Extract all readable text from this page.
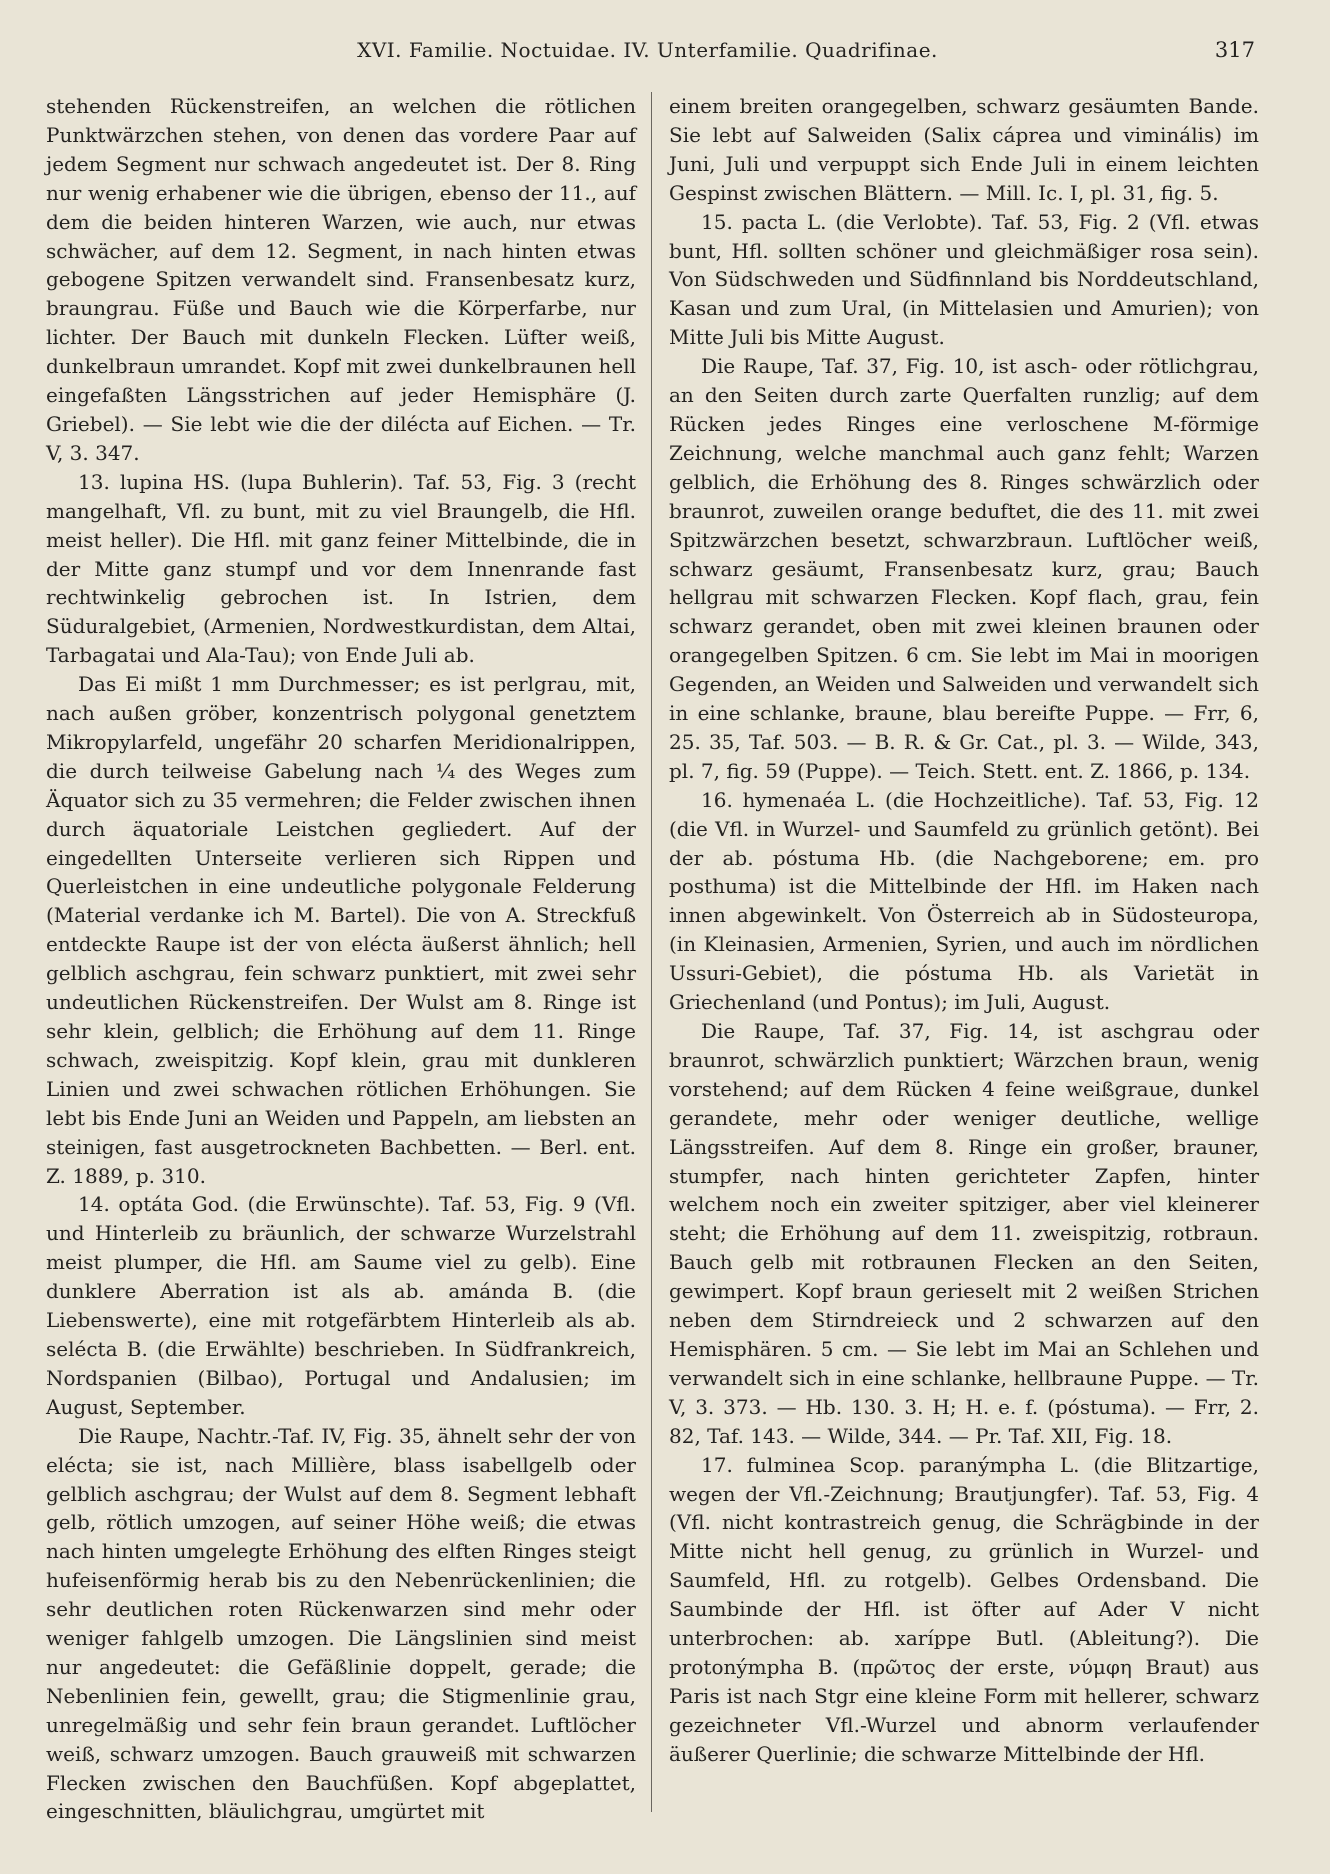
XVI. Familie. Noctuidae. IV. Unterfamilie. Quadrifinae.	317

stehenden Rückenstreifen, an welchen die rötlichen Punktwärzchen stehen, von denen das vordere Paar auf jedem Segment nur schwach angedeutet ist. Der 8. Ring nur wenig erhabener wie die übrigen, ebenso der 11., auf dem die beiden hinteren Warzen, wie auch, nur etwas schwächer, auf dem 12. Segment, in nach hinten etwas gebogene Spitzen verwandelt sind. Fransenbesatz kurz, braungrau. Füße und Bauch wie die Körperfarbe, nur lichter. Der Bauch mit dunkeln Flecken. Lüfter weiß, dunkelbraun umrandet. Kopf mit zwei dunkelbraunen hell eingefaßten Längsstrichen auf jeder Hemisphäre (J. Griebel). — Sie lebt wie die der dilécta auf Eichen. — Tr. V, 3. 347.

13. lupina HS. (lupa Buhlerin). Taf. 53, Fig. 3 (recht mangelhaft, Vfl. zu bunt, mit zu viel Braungelb, die Hfl. meist heller). Die Hfl. mit ganz feiner Mittelbinde, die in der Mitte ganz stumpf und vor dem Innenrande fast rechtwinkelig gebrochen ist. In Istrien, dem Süduralgebiet, (Armenien, Nordwestkurdistan, dem Altai, Tarbagatai und Ala-Tau); von Ende Juli ab.

Das Ei mißt 1 mm Durchmesser; es ist perlgrau, mit, nach außen gröber, konzentrisch polygonal genetztem Mikropylarfeld, ungefähr 20 scharfen Meridionalrippen, die durch teilweise Gabelung nach ¼ des Weges zum Äquator sich zu 35 vermehren; die Felder zwischen ihnen durch äquatoriale Leistchen gegliedert. Auf der eingedellten Unterseite verlieren sich Rippen und Querleistchen in eine undeutliche polygonale Felderung (Material verdanke ich M. Bartel). Die von A. Streckfuß entdeckte Raupe ist der von elécta äußerst ähnlich; hell gelblich aschgrau, fein schwarz punktiert, mit zwei sehr undeutlichen Rückenstreifen. Der Wulst am 8. Ringe ist sehr klein, gelblich; die Erhöhung auf dem 11. Ringe schwach, zweispitzig. Kopf klein, grau mit dunkleren Linien und zwei schwachen rötlichen Erhöhungen. Sie lebt bis Ende Juni an Weiden und Pappeln, am liebsten an steinigen, fast ausgetrockneten Bachbetten. — Berl. ent. Z. 1889, p. 310.

14. optáta God. (die Erwünschte). Taf. 53, Fig. 9 (Vfl. und Hinterleib zu bräunlich, der schwarze Wurzelstrahl meist plumper, die Hfl. am Saume viel zu gelb). Eine dunklere Aberration ist als ab. amánda B. (die Liebenswerte), eine mit rotgefärbtem Hinterleib als ab. selécta B. (die Erwählte) beschrieben. In Südfrankreich, Nordspanien (Bilbao), Portugal und Andalusien; im August, September.

Die Raupe, Nachtr.-Taf. IV, Fig. 35, ähnelt sehr der von elécta; sie ist, nach Millière, blass isabellgelb oder gelblich aschgrau; der Wulst auf dem 8. Segment lebhaft gelb, rötlich umzogen, auf seiner Höhe weiß; die etwas nach hinten umgelegte Erhöhung des elften Ringes steigt hufeisenförmig herab bis zu den Nebenrückenlinien; die sehr deutlichen roten Rückenwarzen sind mehr oder weniger fahlgelb umzogen. Die Längslinien sind meist nur angedeutet: die Gefäßlinie doppelt, gerade; die Nebenlinien fein, gewellt, grau; die Stigmenlinie grau, unregelmäßig und sehr fein braun gerandet. Luftlöcher weiß, schwarz umzogen. Bauch grauweiß mit schwarzen Flecken zwischen den Bauchfüßen. Kopf abgeplattet, eingeschnitten, bläulichgrau, umgürtet mit

einem breiten orangegelben, schwarz gesäumten Bande. Sie lebt auf Salweiden (Salix cáprea und viminális) im Juni, Juli und verpuppt sich Ende Juli in einem leichten Gespinst zwischen Blättern. — Mill. Ic. I, pl. 31, fig. 5.

15. pacta L. (die Verlobte). Taf. 53, Fig. 2 (Vfl. etwas bunt, Hfl. sollten schöner und gleichmäßiger rosa sein). Von Südschweden und Südfinnland bis Norddeutschland, Kasan und zum Ural, (in Mittelasien und Amurien); von Mitte Juli bis Mitte August.

Die Raupe, Taf. 37, Fig. 10, ist asch- oder rötlichgrau, an den Seiten durch zarte Querfalten runzlig; auf dem Rücken jedes Ringes eine verloschene M-förmige Zeichnung, welche manchmal auch ganz fehlt; Warzen gelblich, die Erhöhung des 8. Ringes schwärzlich oder braunrot, zuweilen orange beduftet, die des 11. mit zwei Spitzwärzchen besetzt, schwarzbraun. Luftlöcher weiß, schwarz gesäumt, Fransenbesatz kurz, grau; Bauch hellgrau mit schwarzen Flecken. Kopf flach, grau, fein schwarz gerandet, oben mit zwei kleinen braunen oder orangegelben Spitzen. 6 cm. Sie lebt im Mai in moorigen Gegenden, an Weiden und Salweiden und verwandelt sich in eine schlanke, braune, blau bereifte Puppe. — Frr, 6, 25. 35, Taf. 503. — B. R. & Gr. Cat., pl. 3. — Wilde, 343, pl. 7, fig. 59 (Puppe). — Teich. Stett. ent. Z. 1866, p. 134.

16. hymenaéa L. (die Hochzeitliche). Taf. 53, Fig. 12 (die Vfl. in Wurzel- und Saumfeld zu grünlich getönt). Bei der ab. póstuma Hb. (die Nachgeborene; em. pro posthuma) ist die Mittelbinde der Hfl. im Haken nach innen abgewinkelt. Von Österreich ab in Südosteuropa, (in Kleinasien, Armenien, Syrien, und auch im nördlichen Ussuri-Gebiet), die póstuma Hb. als Varietät in Griechenland (und Pontus); im Juli, August.

Die Raupe, Taf. 37, Fig. 14, ist aschgrau oder braunrot, schwärzlich punktiert; Wärzchen braun, wenig vorstehend; auf dem Rücken 4 feine weißgraue, dunkel gerandete, mehr oder weniger deutliche, wellige Längsstreifen. Auf dem 8. Ringe ein großer, brauner, stumpfer, nach hinten gerichteter Zapfen, hinter welchem noch ein zweiter spitziger, aber viel kleinerer steht; die Erhöhung auf dem 11. zweispitzig, rotbraun. Bauch gelb mit rotbraunen Flecken an den Seiten, gewimpert. Kopf braun gerieselt mit 2 weißen Strichen neben dem Stirndreieck und 2 schwarzen auf den Hemisphären. 5 cm. — Sie lebt im Mai an Schlehen und verwandelt sich in eine schlanke, hellbraune Puppe. — Tr. V, 3. 373. — Hb. 130. 3. H; H. e. f. (póstuma). — Frr, 2. 82, Taf. 143. — Wilde, 344. — Pr. Taf. XII, Fig. 18.

17. fulminea Scop. paranýmpha L. (die Blitzartige, wegen der Vfl.-Zeichnung; Brautjungfer). Taf. 53, Fig. 4 (Vfl. nicht kontrastreich genug, die Schrägbinde in der Mitte nicht hell genug, zu grünlich in Wurzel- und Saumfeld, Hfl. zu rotgelb). Gelbes Ordensband. Die Saumbinde der Hfl. ist öfter auf Ader V nicht unterbrochen: ab. xaríppe Butl. (Ableitung?). Die protonýmpha B. (πρῶτος der erste, νύμφη Braut) aus Paris ist nach Stgr eine kleine Form mit hellerer, schwarz gezeichneter Vfl.-Wurzel und abnorm verlaufender äußerer Querlinie; die schwarze Mittelbinde der Hfl.
